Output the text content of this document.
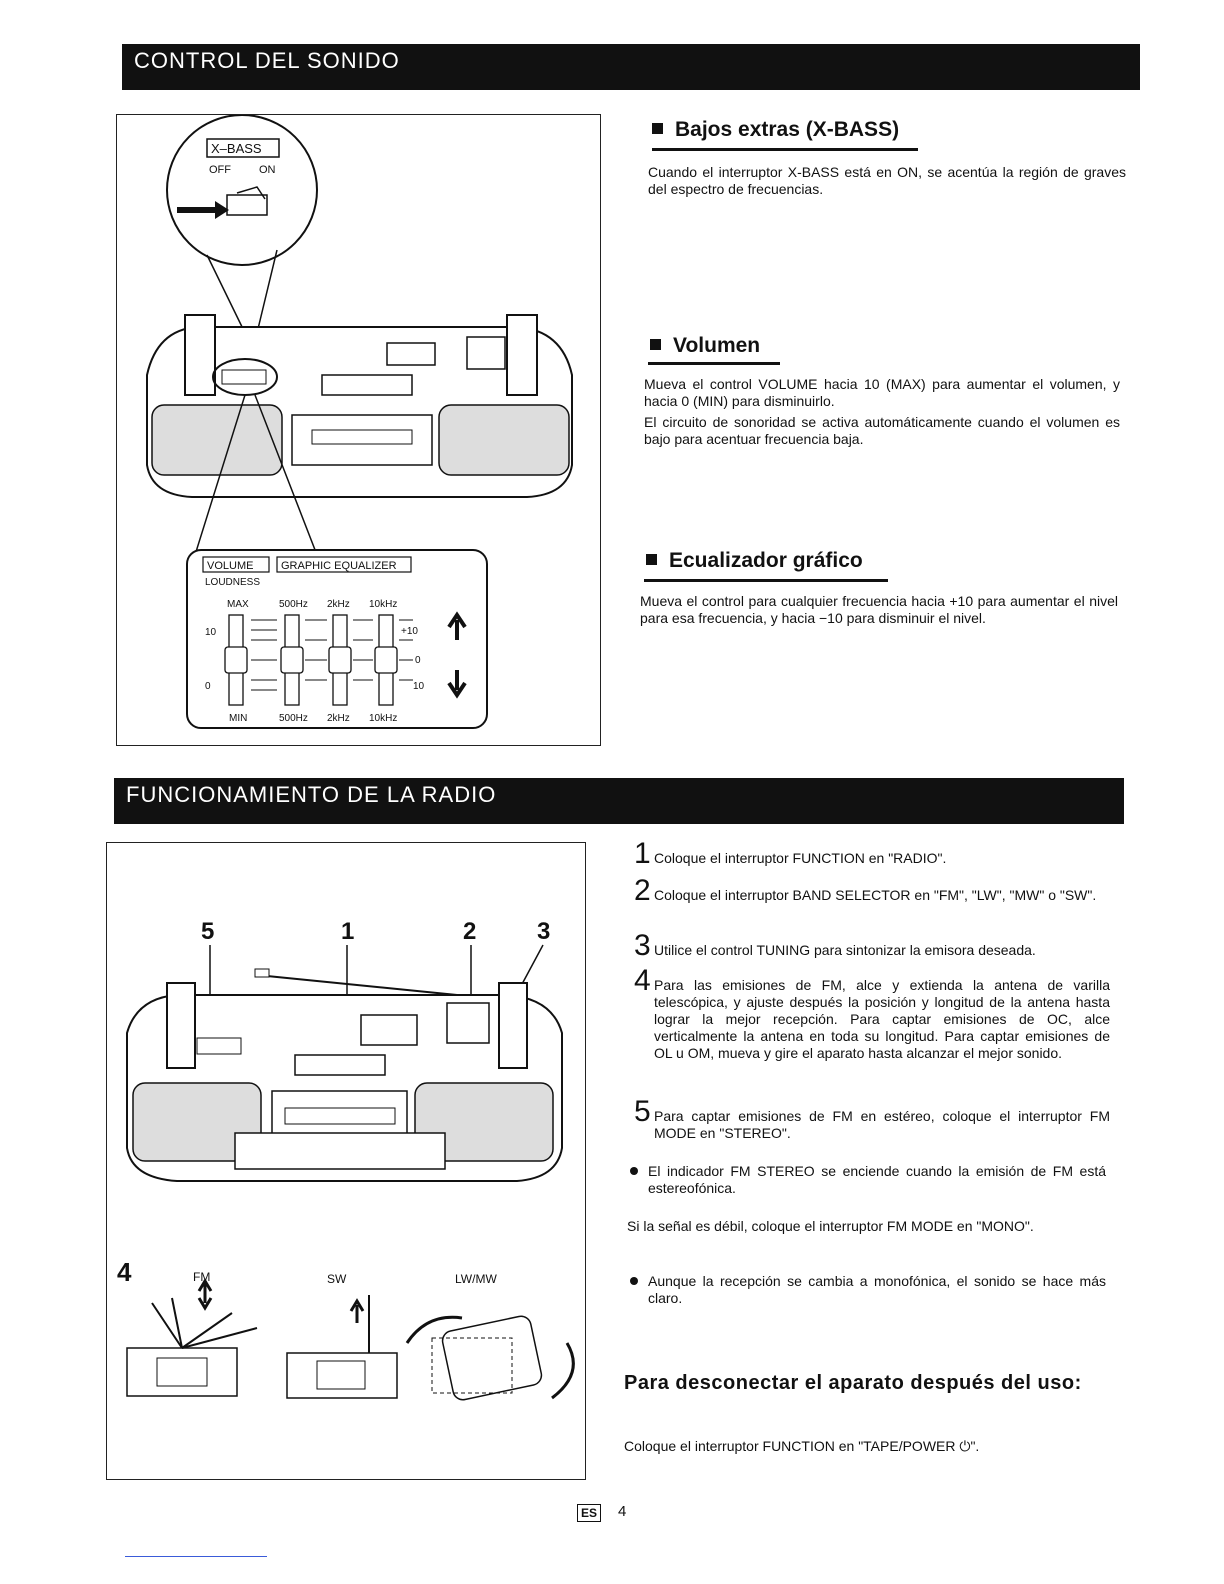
CONTROL DEL SONIDO
X–BASS
OFF	ON
VOLUME	GRAPHIC EQUALIZER
LOUDNESS
MAX	500Hz 2kHz 10kHz
10
0
+10
0
10
MIN	500Hz 2kHz 10kHz
Bajos extras (X-BASS)
Cuando el interruptor X-BASS está en ON, se acentúa la región de graves del espectro de frecuencias.
Volumen
Mueva el control VOLUME hacia 10 (MAX) para aumentar el volumen, y hacia 0 (MIN) para disminuirlo.
El circuito de sonoridad se activa automáticamente cuando el volumen es bajo para acentuar frecuencia baja.
Ecualizador gráfico
Mueva el control para cualquier frecuencia hacia +10 para aumentar el nivel para esa frecuencia, y hacia −10 para disminuir el nivel.
FUNCIONAMIENTO DE LA RADIO
5	1	2	3
4	FM	SW	LW/MW
1 Coloque el interruptor FUNCTION en "RADIO".
2 Coloque el interruptor BAND SELECTOR en "FM", "LW", "MW" o "SW".
3 Utilice el control TUNING para sintonizar la emisora deseada.
4 Para las emisiones de FM, alce y extienda la antena de varilla telescópica, y ajuste después la posición y longitud de la antena hasta lograr la mejor recepción. Para captar emisiones de OC, alce verticalmente la antena en toda su longitud. Para captar emisiones de OL u OM, mueva y gire el aparato hasta alcanzar el mejor sonido.
5 Para captar emisiones de FM en estéreo, coloque el interruptor FM MODE en "STEREO".
El indicador FM STEREO se enciende cuando la emisión de FM está estereofónica.
Si la señal es débil, coloque el interruptor FM MODE en "MONO".
Aunque la recepción se cambia a monofónica, el sonido se hace más claro.
Para desconectar el aparato después del uso:
Coloque el interruptor FUNCTION en "TAPE/POWER ⏻".
ES 4
